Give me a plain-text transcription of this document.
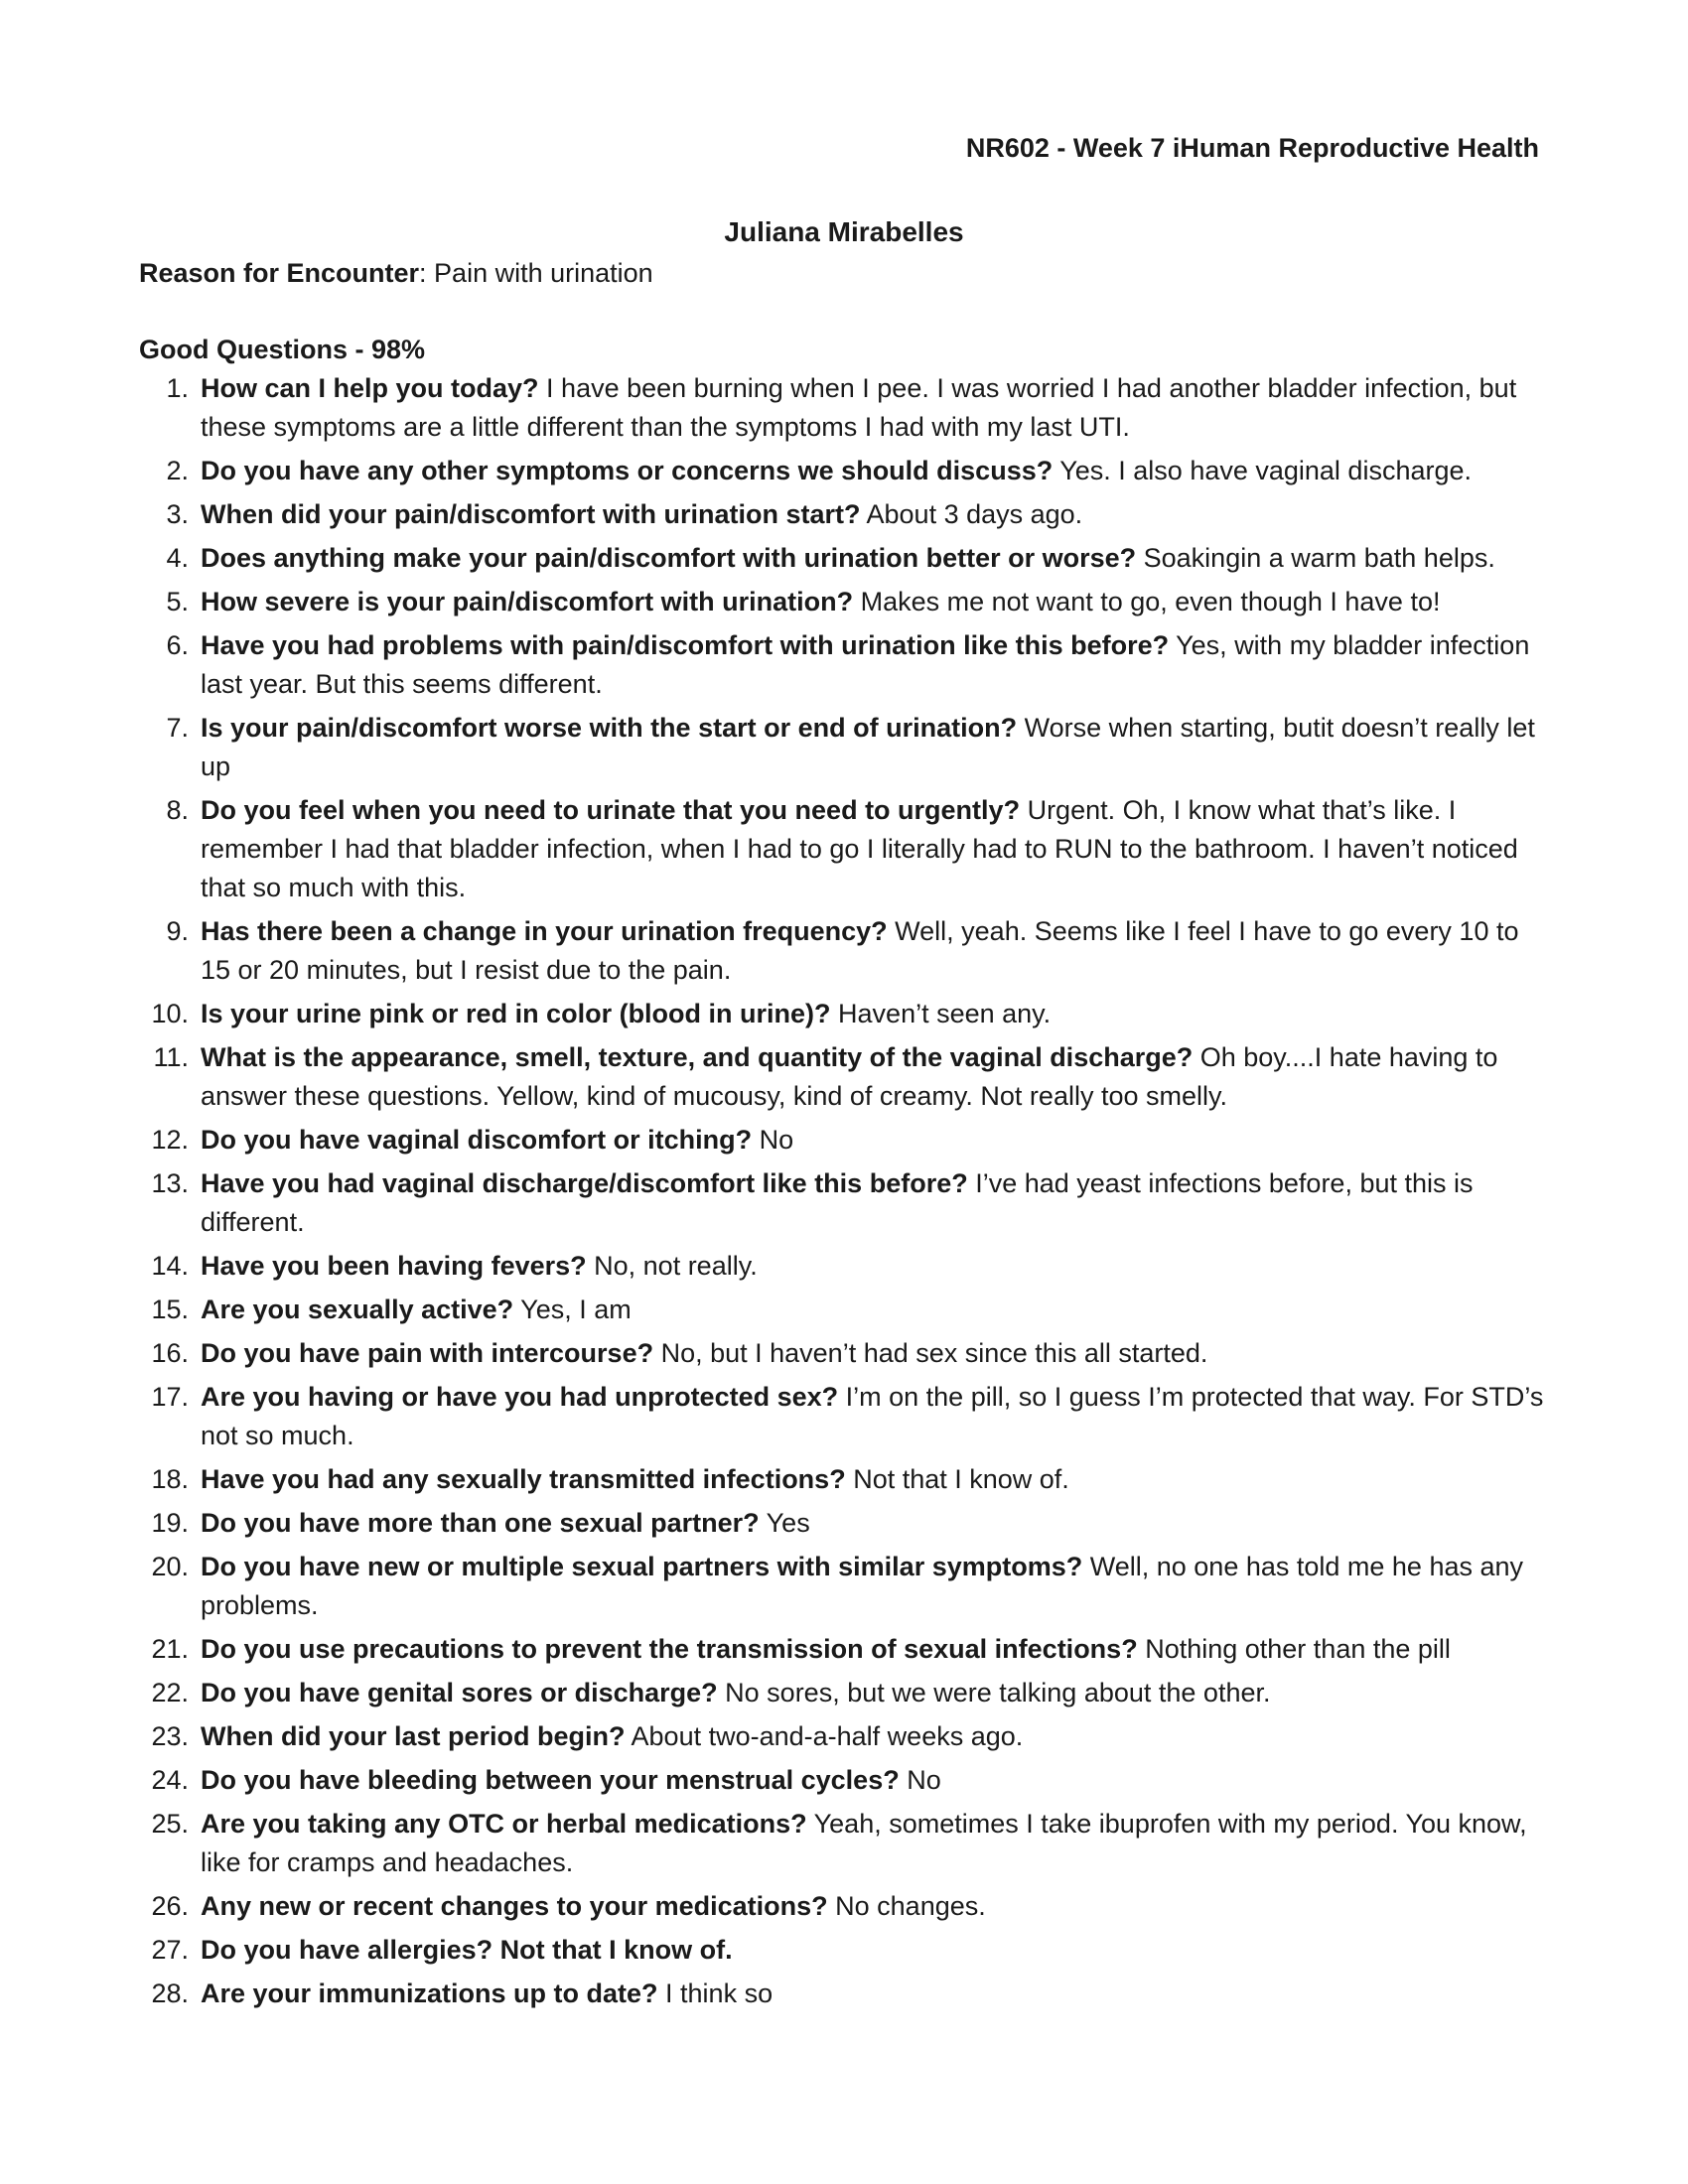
NR602 - Week 7 iHuman Reproductive Health
Juliana Mirabelles
Reason for Encounter: Pain with urination
Good Questions - 98%
1. How can I help you today? I have been burning when I pee. I was worried I had another bladder infection, but these symptoms are a little different than the symptoms I had with my last UTI.
2. Do you have any other symptoms or concerns we should discuss? Yes. I also have vaginal discharge.
3. When did your pain/discomfort with urination start? About 3 days ago.
4. Does anything make your pain/discomfort with urination better or worse? Soakingin a warm bath helps.
5. How severe is your pain/discomfort with urination? Makes me not want to go, even though I have to!
6. Have you had problems with pain/discomfort with urination like this before? Yes, with my bladder infection last year. But this seems different.
7. Is your pain/discomfort worse with the start or end of urination? Worse when starting, butit doesn’t really let up
8. Do you feel when you need to urinate that you need to urgently? Urgent. Oh, I know what that’s like. I remember I had that bladder infection, when I had to go I literally had to RUN to the bathroom. I haven’t noticed that so much with this.
9. Has there been a change in your urination frequency? Well, yeah. Seems like I feel I have to go every 10 to 15 or 20 minutes, but I resist due to the pain.
10. Is your urine pink or red in color (blood in urine)? Haven’t seen any.
11. What is the appearance, smell, texture, and quantity of the vaginal discharge? Oh boy....I hate having to answer these questions. Yellow, kind of mucousy, kind of creamy. Not really too smelly.
12. Do you have vaginal discomfort or itching? No
13. Have you had vaginal discharge/discomfort like this before? I’ve had yeast infections before, but this is different.
14. Have you been having fevers? No, not really.
15. Are you sexually active? Yes, I am
16. Do you have pain with intercourse? No, but I haven’t had sex since this all started.
17. Are you having or have you had unprotected sex? I’m on the pill, so I guess I’m protected that way. For STD’s not so much.
18. Have you had any sexually transmitted infections? Not that I know of.
19. Do you have more than one sexual partner? Yes
20. Do you have new or multiple sexual partners with similar symptoms? Well, no one has told me he has any problems.
21. Do you use precautions to prevent the transmission of sexual infections? Nothing other than the pill
22. Do you have genital sores or discharge? No sores, but we were talking about the other.
23. When did your last period begin? About two-and-a-half weeks ago.
24. Do you have bleeding between your menstrual cycles? No
25. Are you taking any OTC or herbal medications? Yeah, sometimes I take ibuprofen with my period. You know, like for cramps and headaches.
26. Any new or recent changes to your medications? No changes.
27. Do you have allergies? Not that I know of.
28. Are your immunizations up to date? I think so
